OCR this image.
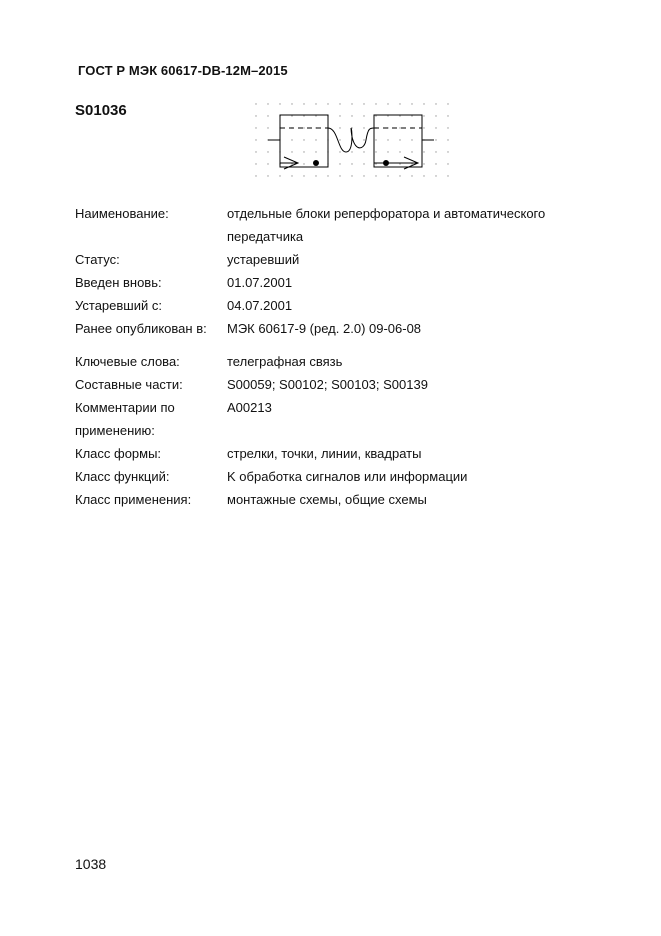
ГОСТ Р МЭК 60617-DB-12M–2015
S01036
Наименование:	отдельные блоки реперфоратора и автоматического передатчика
Статус:	устаревший
Введен вновь:	01.07.2001
Устаревший с:	04.07.2001
Ранее опубликован в:	МЭК 60617-9 (ред. 2.0) 09-06-08
Ключевые слова:	телеграфная связь
Составные части:	S00059; S00102; S00103; S00139
Комментарии по применению:
A00213
Класс формы:	стрелки, точки, линии, квадраты
Класс функций:	K обработка сигналов или информации
Класс применения:	монтажные схемы, общие схемы
1038
